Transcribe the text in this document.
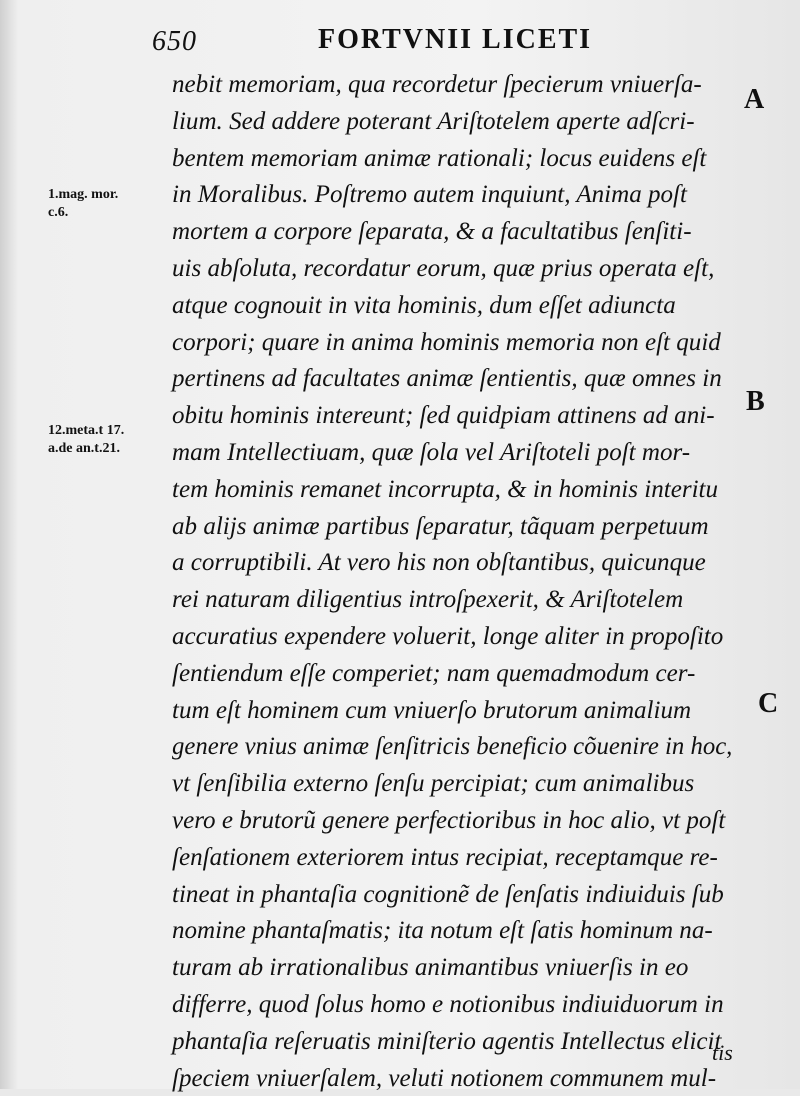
650	FORTVNII LICETI
1.mag. mor.
c.6.
12.meta.t 17.
a.de an.t.21.
A
B
C
nebit memoriam, qua recordetur ſpecierum vniuerſa-
lium. Sed addere poterant Ariſtotelem aperte adſcri-
bentem memoriam animæ rationali; locus euidens eſt
in Moralibus. Poſtremo autem inquiunt, Anima poſt
mortem a corpore ſeparata, & a facultatibus ſenſiti-
uis abſoluta, recordatur eorum, quæ prius operata eſt,
atque cognouit in vita hominis, dum eſſet adiuncta
corpori; quare in anima hominis memoria non eſt quid
pertinens ad facultates animæ ſentientis, quæ omnes in
obitu hominis intereunt; ſed quidpiam attinens ad ani-
mam Intellectiuam, quæ ſola vel Ariſtoteli poſt mor-
tem hominis remanet incorrupta, & in hominis interitu
ab alijs animæ partibus ſeparatur, tãquam perpetuum
a corruptibili. At vero his non obſtantibus, quicunque
rei naturam diligentius introſpexerit, & Ariſtotelem
accuratius expendere voluerit, longe aliter in propoſito
ſentiendum eſſe comperiet; nam quemadmodum cer-
tum eſt hominem cum vniuerſo brutorum animalium
genere vnius animæ ſenſitricis beneficio cõuenire in hoc,
vt ſenſibilia externo ſenſu percipiat; cum animalibus
vero e brutorũ genere perfectioribus in hoc alio, vt poſt
ſenſationem exteriorem intus recipiat, receptamque re-
tineat in phantaſia cognitionẽ de ſenſatis indiuiduis ſub
nomine phantaſmatis; ita notum eſt ſatis hominum na-
turam ab irrationalibus animantibus vniuerſis in eo
differre, quod ſolus homo e notionibus indiuiduorum in
phantaſia reſeruatis miniſterio agentis Intellectus elicit
ſpeciem vniuerſalem, veluti notionem communem mul-
tis
